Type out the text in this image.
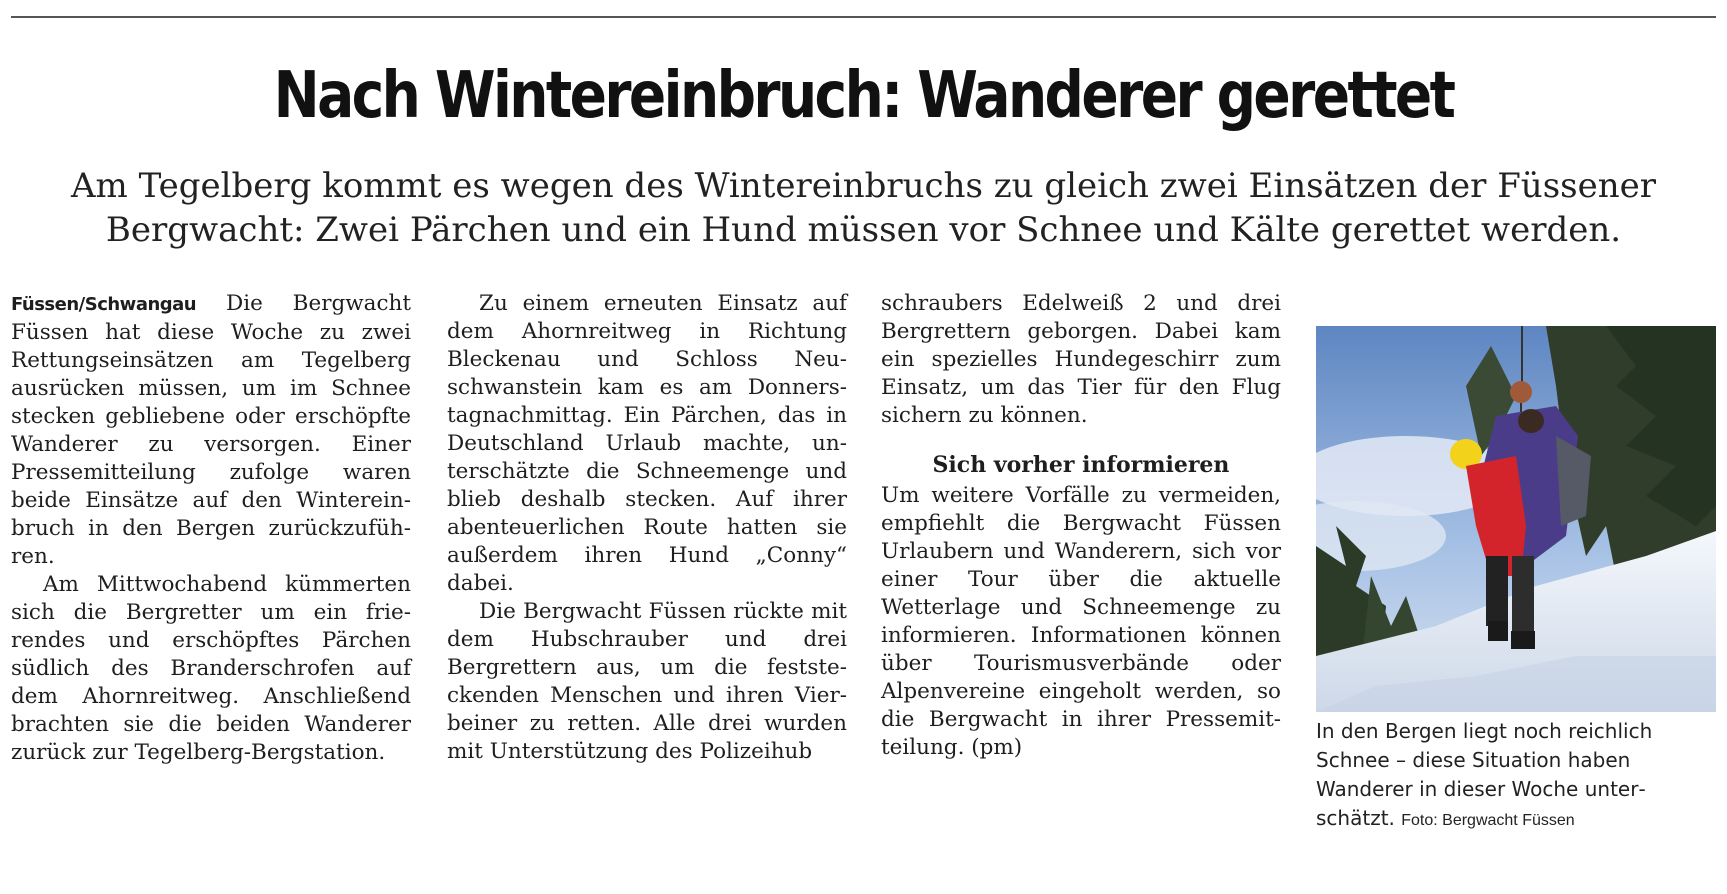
Nach Wintereinbruch: Wanderer gerettet

Am Tegelberg kommt es wegen des Wintereinbruchs zu gleich zwei Einsätzen der Füssener Bergwacht: Zwei Pärchen und ein Hund müssen vor Schnee und Kälte gerettet werden.

Füssen/Schwangau Die Bergwacht Füssen hat diese Woche zu zwei Rettungseinsätzen am Tegelberg ausrücken müssen, um im Schnee stecken gebliebene oder erschöpfte Wanderer zu versorgen. Einer Pressemitteilung zufolge waren beide Einsätze auf den Wintereinbruch in den Bergen zurückzuführen.

Am Mittwochabend kümmerten sich die Bergretter um ein frierendes und erschöpftes Pärchen südlich des Branderschrofen auf dem Ahornreitweg. Anschließend brachten sie die beiden Wanderer zurück zur Tegelberg-Bergstation.

Zu einem erneuten Einsatz auf dem Ahornreitweg in Richtung Bleckenau und Schloss Neuschwanstein kam es am Donnerstagnachmittag. Ein Pärchen, das in Deutschland Urlaub machte, unterschätzte die Schneemenge und blieb deshalb stecken. Auf ihrer abenteuerlichen Route hatten sie außerdem ihren Hund „Conny“ dabei.

Die Bergwacht Füssen rückte mit dem Hubschrauber und drei Bergrettern aus, um die feststeckenden Menschen und ihren Vierbeiner zu retten. Alle drei wurden mit Unterstützung des Polizeihub

schraubers Edelweiß 2 und drei Bergrettern geborgen. Dabei kam ein spezielles Hundegeschirr zum Einsatz, um das Tier für den Flug sichern zu können.

Sich vorher informieren

Um weitere Vorfälle zu vermeiden, empfiehlt die Bergwacht Füssen Urlaubern und Wanderern, sich vor einer Tour über die aktuelle Wetterlage und Schneemenge zu informieren. Informationen können über Tourismusverbände oder Alpenvereine eingeholt werden, so die Bergwacht in ihrer Pressemitteilung. (pm)

In den Bergen liegt noch reichlich Schnee – diese Situation haben Wanderer in dieser Woche unterschätzt. Foto: Bergwacht Füssen
